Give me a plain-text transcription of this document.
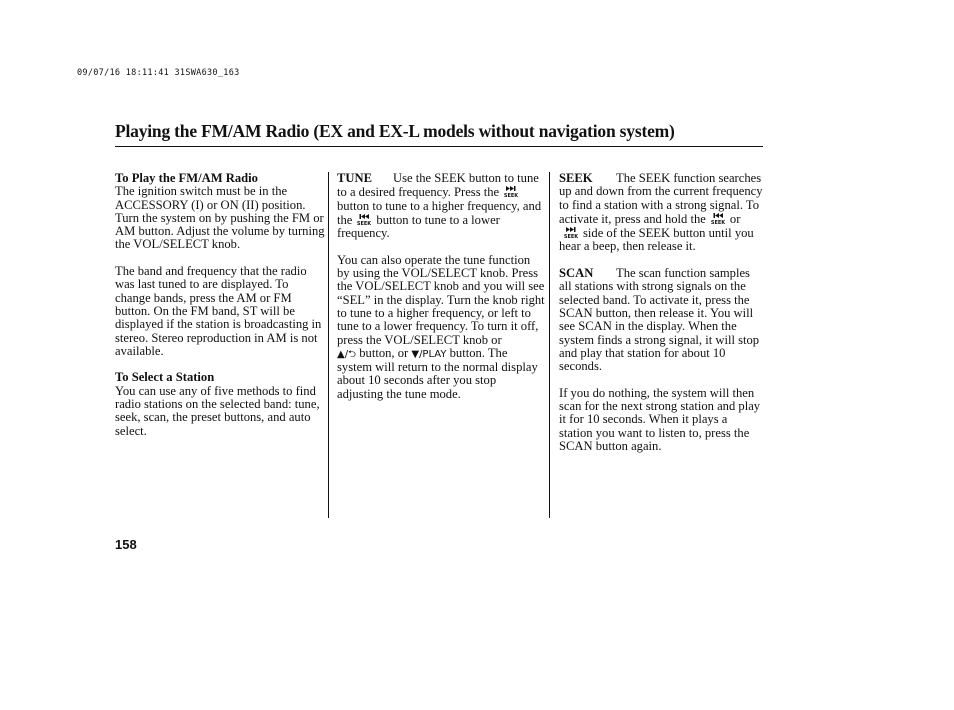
09/07/16 18:11:41 31SWA630_163
Playing the FM/AM Radio (EX and EX-L models without navigation system)

To Play the FM/AM Radio

The ignition switch must be in the ACCESSORY (I) or ON (II) position. Turn the system on by pushing the FM or AM button. Adjust the volume by turning the VOL/SELECT knob.

The band and frequency that the radio was last tuned to are displayed. To change bands, press the AM or FM button. On the FM band, ST will be displayed if the station is broadcasting in stereo. Stereo reproduction in AM is not available.

To Select a Station

You can use any of five methods to find radio stations on the selected band: tune, seek, scan, the preset buttons, and auto select.

TUNE Use the SEEK button to tune to a desired frequency. Press the SEEK
button to tune to a higher frequency, and the SEEK button to tune to a lower frequency.

You can also operate the tune function by using the VOL/SELECT knob. Press the VOL/SELECT knob and you will see “SEL” in the display. Turn the knob right to tune to a higher frequency, or left to tune to a lower frequency. To turn it off, press the VOL/SELECT knob or
▲/⮌ button, or ▼/PLAY button. The system will return to the normal display about 10 seconds after you stop adjusting the tune mode.

SEEK The SEEK function searches up and down from the current frequency to find a station with a strong signal. To activate it, press and hold the SEEK or
SEEK side of the SEEK button until you hear a beep, then release it.

SCAN The scan function samples all stations with strong signals on the selected band. To activate it, press the SCAN button, then release it. You will see SCAN in the display. When the system finds a strong signal, it will stop and play that station for about 10 seconds.

If you do nothing, the system will then scan for the next strong station and play it for 10 seconds. When it plays a station you want to listen to, press the SCAN button again.

158
